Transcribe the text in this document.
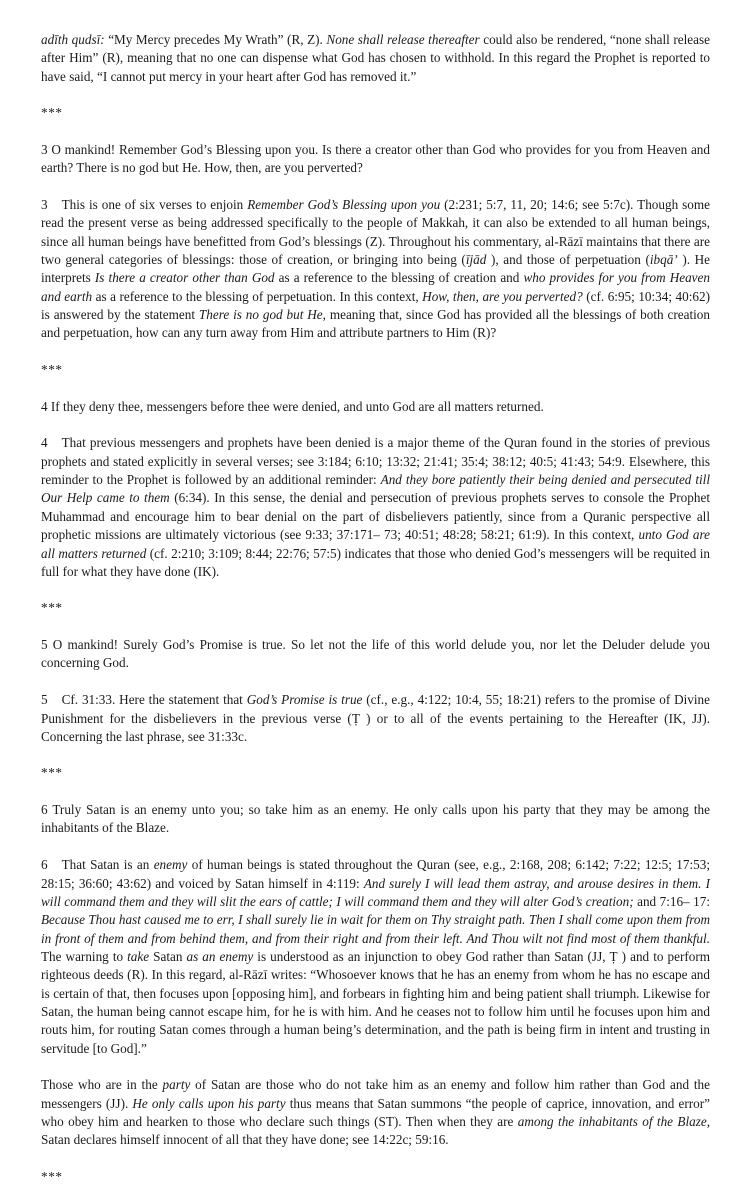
adīth qudsī: “My Mercy precedes My Wrath” (R, Z). None shall release thereafter could also be rendered, “none shall release after Him” (R), meaning that no one can dispense what God has chosen to withhold. In this regard the Prophet is reported to have said, “I cannot put mercy in your heart after God has removed it.”

***

3 O mankind! Remember God’s Blessing upon you. Is there a creator other than God who provides for you from Heaven and earth? There is no god but He. How, then, are you perverted?

3  This is one of six verses to enjoin Remember God’s Blessing upon you (2:231; 5:7, 11, 20; 14:6; see 5:7c). Though some read the present verse as being addressed specifically to the people of Makkah, it can also be extended to all human beings, since all human beings have benefitted from God’s blessings (Z). Throughout his commentary, al-Rāzī maintains that there are two general categories of blessings: those of creation, or bringing into being (ījād ), and those of perpetuation (ibqāʼ ). He interprets Is there a creator other than God as a reference to the blessing of creation and who provides for you from Heaven and earth as a reference to the blessing of perpetuation. In this context, How, then, are you perverted? (cf. 6:95; 10:34; 40:62) is answered by the statement There is no god but He, meaning that, since God has provided all the blessings of both creation and perpetuation, how can any turn away from Him and attribute partners to Him (R)?

***

4 If they deny thee, messengers before thee were denied, and unto God are all matters returned.

4  That previous messengers and prophets have been denied is a major theme of the Quran found in the stories of previous prophets and stated explicitly in several verses; see 3:184; 6:10; 13:32; 21:41; 35:4; 38:12; 40:5; 41:43; 54:9. Elsewhere, this reminder to the Prophet is followed by an additional reminder: And they bore patiently their being denied and persecuted till Our Help came to them (6:34). In this sense, the denial and persecution of previous prophets serves to console the Prophet Muhammad and encourage him to bear denial on the part of disbelievers patiently, since from a Quranic perspective all prophetic missions are ultimately victorious (see 9:33; 37:171– 73; 40:51; 48:28; 58:21; 61:9). In this context, unto God are all matters returned (cf. 2:210; 3:109; 8:44; 22:76; 57:5) indicates that those who denied God’s messengers will be requited in full for what they have done (IK).

***

5 O mankind! Surely God’s Promise is true. So let not the life of this world delude you, nor let the Deluder delude you concerning God.

5  Cf. 31:33. Here the statement that God’s Promise is true (cf., e.g., 4:122; 10:4, 55; 18:21) refers to the promise of Divine Punishment for the disbelievers in the previous verse (Ṭ ) or to all of the events pertaining to the Hereafter (IK, JJ). Concerning the last phrase, see 31:33c.

***

6 Truly Satan is an enemy unto you; so take him as an enemy. He only calls upon his party that they may be among the inhabitants of the Blaze.

6  That Satan is an enemy of human beings is stated throughout the Quran (see, e.g., 2:168, 208; 6:142; 7:22; 12:5; 17:53; 28:15; 36:60; 43:62) and voiced by Satan himself in 4:119: And surely I will lead them astray, and arouse desires in them. I will command them and they will slit the ears of cattle; I will command them and they will alter God’s creation; and 7:16– 17: Because Thou hast caused me to err, I shall surely lie in wait for them on Thy straight path. Then I shall come upon them from in front of them and from behind them, and from their right and from their left. And Thou wilt not find most of them thankful. The warning to take Satan as an enemy is understood as an injunction to obey God rather than Satan (JJ, Ṭ ) and to perform righteous deeds (R). In this regard, al-Rāzī writes: “Whosoever knows that he has an enemy from whom he has no escape and is certain of that, then focuses upon [opposing him], and forbears in fighting him and being patient shall triumph. Likewise for Satan, the human being cannot escape him, for he is with him. And he ceases not to follow him until he focuses upon him and routs him, for routing Satan comes through a human being’s determination, and the path is being firm in intent and trusting in servitude [to God].”

Those who are in the party of Satan are those who do not take him as an enemy and follow him rather than God and the messengers (JJ). He only calls upon his party thus means that Satan summons “the people of caprice, innovation, and error” who obey him and hearken to those who declare such things (ST). Then when they are among the inhabitants of the Blaze, Satan declares himself innocent of all that they have done; see 14:22c; 59:16.

***
